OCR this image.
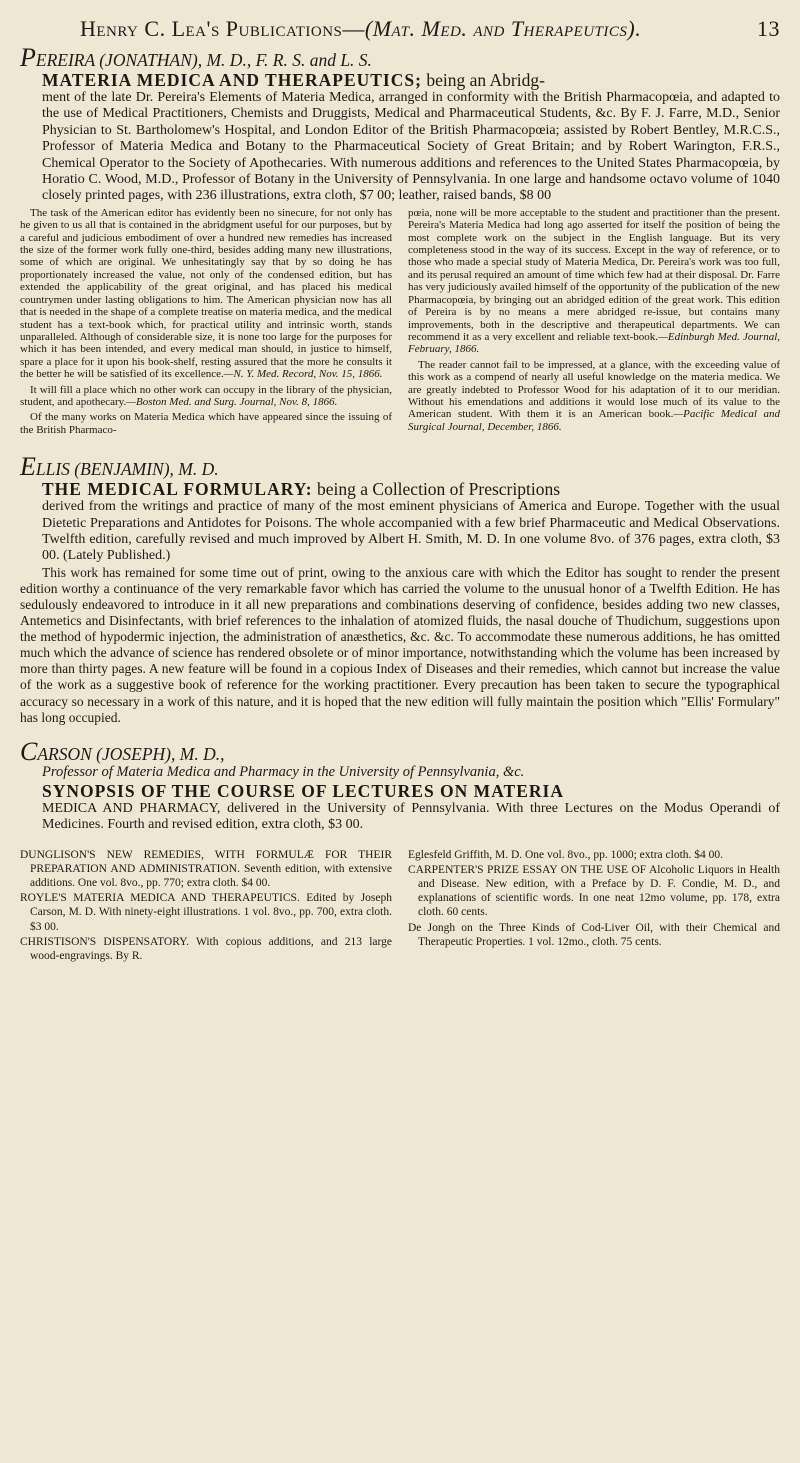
Henry C. Lea's Publications—(Mat. Med. and Therapeutics).	13

PEREIRA (JONATHAN), M. D., F. R. S. and L. S.

MATERIA MEDICA AND THERAPEUTICS; being an Abridg-

ment of the late Dr. Pereira's Elements of Materia Medica, arranged in conformity with the British Pharmacopœia, and adapted to the use of Medical Practitioners, Chemists and Druggists, Medical and Pharmaceutical Students, &c. By F. J. Farre, M.D., Senior Physician to St. Bartholomew's Hospital, and London Editor of the British Pharmacopœia; assisted by Robert Bentley, M.R.C.S., Professor of Materia Medica and Botany to the Pharmaceutical Society of Great Britain; and by Robert Warington, F.R.S., Chemical Operator to the Society of Apothecaries. With numerous additions and references to the United States Pharmacopœia, by Horatio C. Wood, M.D., Professor of Botany in the University of Pennsylvania. In one large and handsome octavo volume of 1040 closely printed pages, with 236 illustrations, extra cloth, $7 00; leather, raised bands, $8 00

The task of the American editor has evidently been no sinecure, for not only has he given to us all that is contained in the abridgment useful for our purposes, but by a careful and judicious embodiment of over a hundred new remedies has increased the size of the former work fully one-third, besides adding many new illustrations, some of which are original. We unhesitatingly say that by so doing he has proportionately increased the value, not only of the condensed edition, but has extended the applicability of the great original, and has placed his medical countrymen under lasting obligations to him. The American physician now has all that is needed in the shape of a complete treatise on materia medica, and the medical student has a text-book which, for practical utility and intrinsic worth, stands unparalleled. Although of considerable size, it is none too large for the purposes for which it has been intended, and every medical man should, in justice to himself, spare a place for it upon his book-shelf, resting assured that the more he consults it the better he will be satisfied of its excellence.—N. Y. Med. Record, Nov. 15, 1866.

It will fill a place which no other work can occupy in the library of the physician, student, and apothecary.—Boston Med. and Surg. Journal, Nov. 8, 1866.

Of the many works on Materia Medica which have appeared since the issuing of the British Pharmaco-

pœia, none will be more acceptable to the student and practitioner than the present. Pereira's Materia Medica had long ago asserted for itself the position of being the most complete work on the subject in the English language. But its very completeness stood in the way of its success. Except in the way of reference, or to those who made a special study of Materia Medica, Dr. Pereira's work was too full, and its perusal required an amount of time which few had at their disposal. Dr. Farre has very judiciously availed himself of the opportunity of the publication of the new Pharmacopœia, by bringing out an abridged edition of the great work. This edition of Pereira is by no means a mere abridged re-issue, but contains many improvements, both in the descriptive and therapeutical departments. We can recommend it as a very excellent and reliable text-book.—Edinburgh Med. Journal, February, 1866.

The reader cannot fail to be impressed, at a glance, with the exceeding value of this work as a compend of nearly all useful knowledge on the materia medica. We are greatly indebted to Professor Wood for his adaptation of it to our meridian. Without his emendations and additions it would lose much of its value to the American student. With them it is an American book.—Pacific Medical and Surgical Journal, December, 1866.

ELLIS (BENJAMIN), M. D.

THE MEDICAL FORMULARY: being a Collection of Prescriptions

derived from the writings and practice of many of the most eminent physicians of America and Europe. Together with the usual Dietetic Preparations and Antidotes for Poisons. The whole accompanied with a few brief Pharmaceutic and Medical Observations. Twelfth edition, carefully revised and much improved by Albert H. Smith, M. D. In one volume 8vo. of 376 pages, extra cloth, $3 00. (Lately Published.)

This work has remained for some time out of print, owing to the anxious care with which the Editor has sought to render the present edition worthy a continuance of the very remarkable favor which has carried the volume to the unusual honor of a Twelfth Edition. He has sedulously endeavored to introduce in it all new preparations and combinations deserving of confidence, besides adding two new classes, Antemetics and Disinfectants, with brief references to the inhalation of atomized fluids, the nasal douche of Thudichum, suggestions upon the method of hypodermic injection, the administration of anæsthetics, &c. &c. To accommodate these numerous additions, he has omitted much which the advance of science has rendered obsolete or of minor importance, notwithstanding which the volume has been increased by more than thirty pages. A new feature will be found in a copious Index of Diseases and their remedies, which cannot but increase the value of the work as a suggestive book of reference for the working practitioner. Every precaution has been taken to secure the typographical accuracy so necessary in a work of this nature, and it is hoped that the new edition will fully maintain the position which "Ellis' Formulary" has long occupied.

CARSON (JOSEPH), M. D.,

Professor of Materia Medica and Pharmacy in the University of Pennsylvania, &c.

SYNOPSIS OF THE COURSE OF LECTURES ON MATERIA

MEDICA AND PHARMACY, delivered in the University of Pennsylvania. With three Lectures on the Modus Operandi of Medicines. Fourth and revised edition, extra cloth, $3 00.

DUNGLISON'S NEW REMEDIES, WITH FORMULÆ FOR THEIR PREPARATION AND ADMINISTRATION. Seventh edition, with extensive additions. One vol. 8vo., pp. 770; extra cloth. $4 00.

ROYLE'S MATERIA MEDICA AND THERAPEUTICS. Edited by Joseph Carson, M. D. With ninety-eight illustrations. 1 vol. 8vo., pp. 700, extra cloth. $3 00.

CHRISTISON'S DISPENSATORY. With copious additions, and 213 large wood-engravings. By R.

Eglesfeld Griffith, M. D. One vol. 8vo., pp. 1000; extra cloth. $4 00.

CARPENTER'S PRIZE ESSAY ON THE USE OF Alcoholic Liquors in Health and Disease. New edition, with a Preface by D. F. Condie, M. D., and explanations of scientific words. In one neat 12mo volume, pp. 178, extra cloth. 60 cents.

De Jongh on the Three Kinds of Cod-Liver Oil, with their Chemical and Therapeutic Properties. 1 vol. 12mo., cloth. 75 cents.
